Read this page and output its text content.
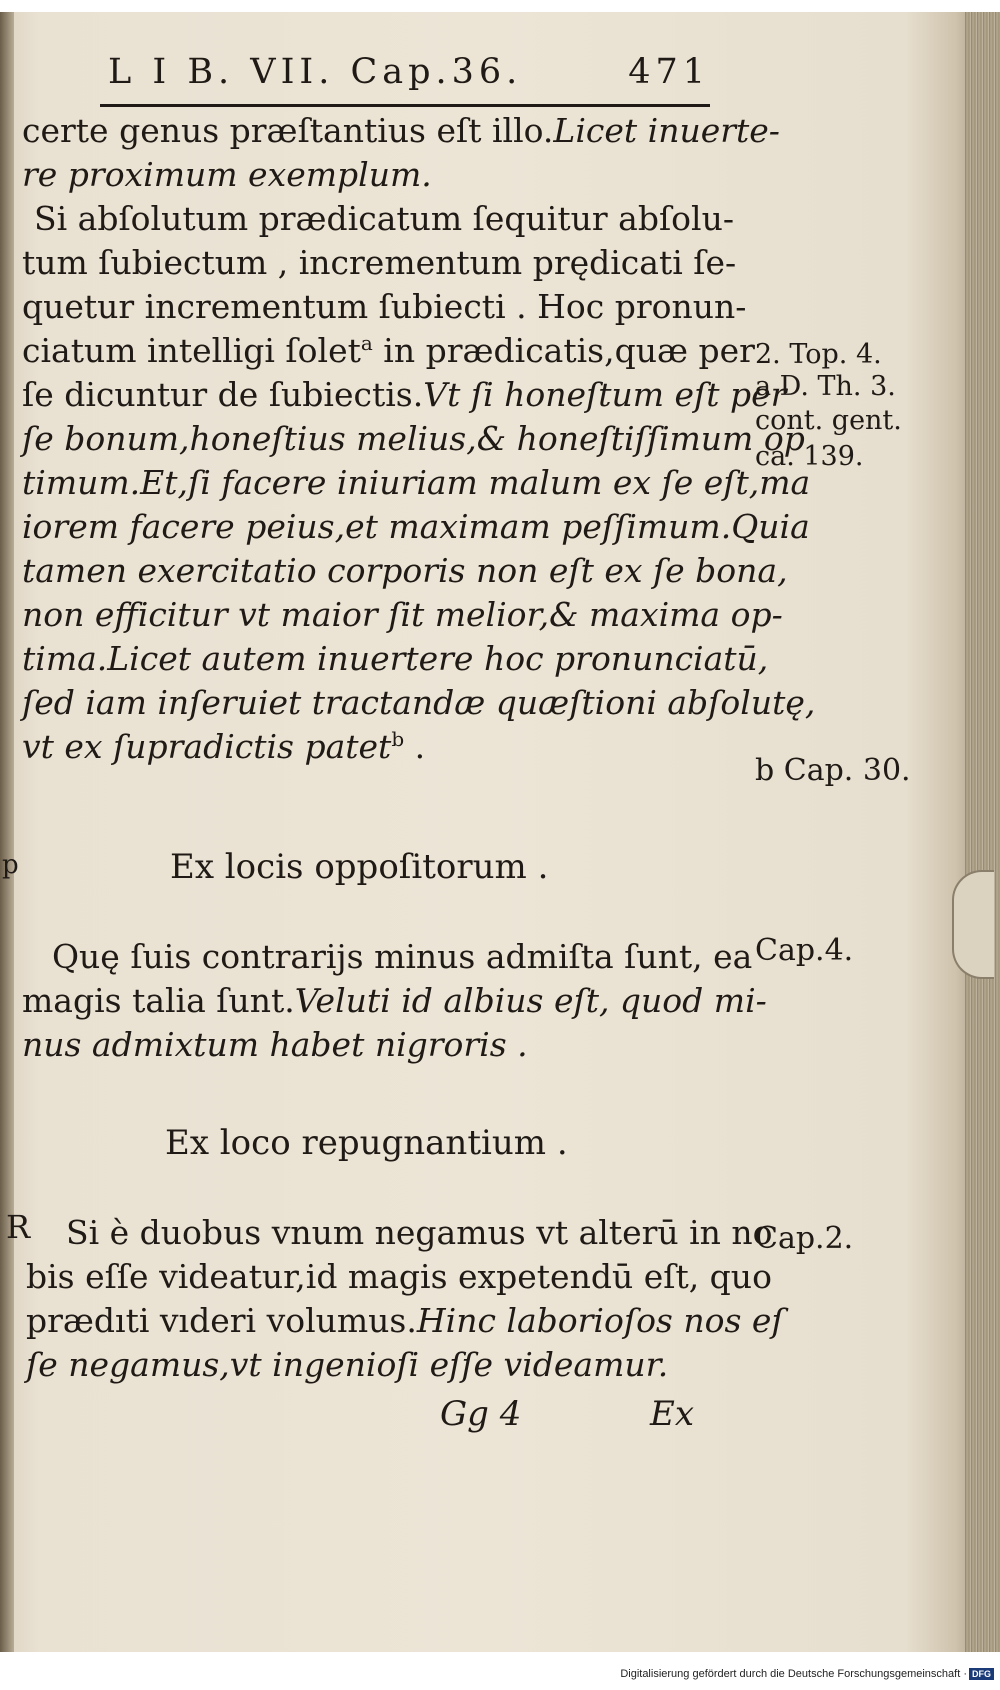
L I B. VII. Cap.36.	471
certe genus præſtantius eſt illo.Licet inuerte-
re proximum exemplum.
Si abſolutum prædicatum ſequitur abſolu-
tum ſubiectum , incrementum prędicati ſe-
quetur incrementum ſubiecti . Hoc pronun-
ciatum intelligi ſolet$^a$ in prædicatis,quæ per
ſe dicuntur de ſubiectis.Vt ſi honeſtum eſt per
ſe bonum,honeſtius melius,& honeſtiſſimum op
timum.Et,ſi facere iniuriam malum ex ſe eſt,ma
iorem facere peius,et maximam peſſimum.Quia
tamen exercitatio corporis non eſt ex ſe bona,
non efficitur vt maior ſit melior,& maxima op-
tima.Licet autem inuertere hoc pronunciatū,
ſed iam inſeruiet tractandæ quæſtioni abſolutę,
vt ex ſupradictis patet$^b$ .
Ex locis oppoſitorum .
Quę ſuis contrarijs minus admiſta ſunt, ea
magis talia ſunt.Veluti id albius eſt, quod mi-
nus admixtum habet nigroris .
Ex loco repugnantium .
Si è duobus vnum negamus vt alterū in no
bis eſſe videatur,id magis expetendū eſt, quo
prædıti vıderi volumus.Hinc laborioſos nos eſ
ſe negamus,vt ingenioſi eſſe videamur.
Gg 4	Ex
2. Top. 4.
a D. Th. 3.
cont. gent.
ca. 139.
b Cap. 30.
Cap.4.
Cap.2.
p
R
Digitalisierung gefördert durch die Deutsche Forschungsgemeinschaft · DFG
